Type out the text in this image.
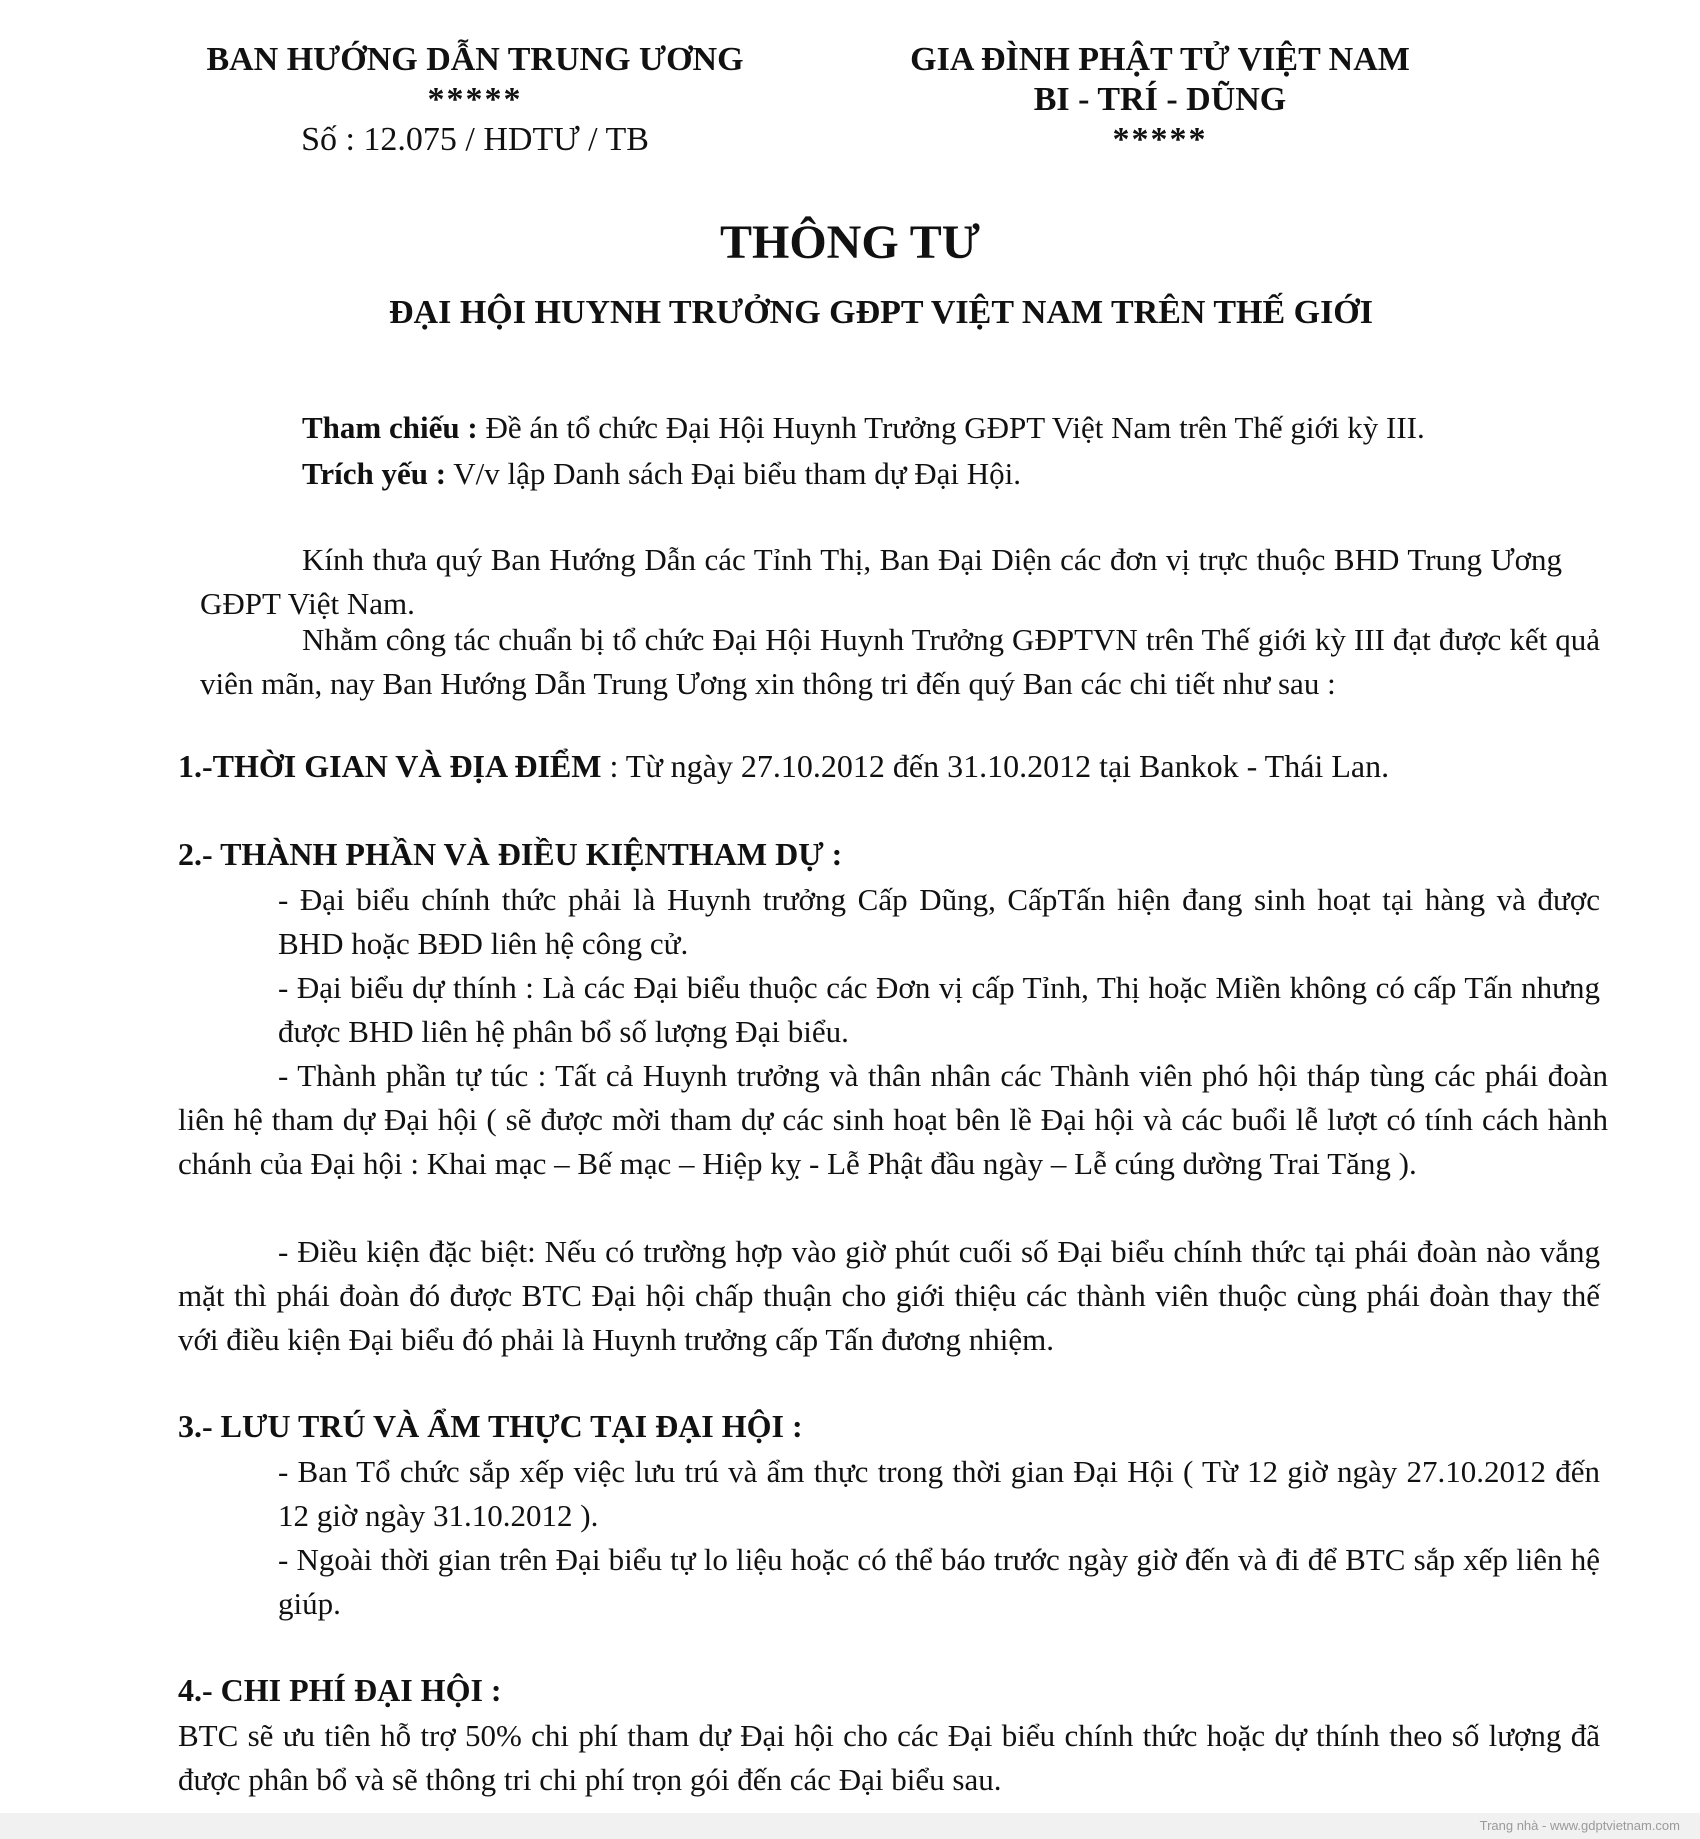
BAN HƯỚNG DẪN TRUNG ƯƠNG
*****
Số : 12.075 / HDTƯ / TB
GIA ĐÌNH PHẬT TỬ VIỆT NAM
BI - TRÍ - DŨNG
*****
THÔNG TƯ
ĐẠI HỘI HUYNH TRƯỞNG GĐPT VIỆT NAM TRÊN THẾ GIỚI
Tham chiếu : Đề án tổ chức Đại Hội Huynh Trưởng GĐPT Việt Nam trên Thế giới kỳ III.
Trích yếu : V/v lập Danh sách Đại biểu tham dự Đại Hội.
Kính thưa quý Ban Hướng Dẫn các Tỉnh Thị, Ban Đại Diện các đơn vị trực thuộc BHD Trung Ương GĐPT Việt Nam.
Nhằm công tác chuẩn bị tổ chức Đại Hội Huynh Trưởng GĐPTVN trên Thế giới kỳ III đạt được kết quả viên mãn, nay Ban Hướng Dẫn Trung Ương xin thông tri đến quý Ban các chi tiết như sau :
1.-THỜI GIAN VÀ ĐỊA ĐIỂM : Từ ngày 27.10.2012 đến 31.10.2012 tại Bankok - Thái Lan.
2.- THÀNH PHẦN VÀ ĐIỀU KIỆNTHAM DỰ :
- Đại biểu chính thức phải là Huynh trưởng Cấp Dũng, CấpTấn hiện đang sinh hoạt tại hàng và được BHD hoặc BĐD liên hệ công cử.
- Đại biểu dự thính : Là các Đại biểu thuộc các Đơn vị cấp Tỉnh, Thị hoặc Miền không có cấp Tấn nhưng được BHD liên hệ phân bổ số lượng Đại biểu.
- Thành phần tự túc : Tất cả Huynh trưởng và thân nhân các Thành viên phó hội tháp tùng các phái đoàn liên hệ tham dự Đại hội ( sẽ được mời tham dự các sinh hoạt bên lề Đại hội và các buổi lễ lượt có tính cách hành chánh của Đại hội : Khai mạc – Bế mạc – Hiệp kỵ - Lễ Phật đầu ngày – Lễ cúng dường Trai Tăng ).
- Điều kiện đặc biệt: Nếu có trường hợp vào giờ phút cuối số Đại biểu chính thức tại phái đoàn nào vắng mặt thì phái đoàn đó được BTC Đại hội chấp thuận cho giới thiệu các thành viên thuộc cùng phái đoàn thay thế với điều kiện Đại biểu đó phải là Huynh trưởng cấp Tấn đương nhiệm.
3.- LƯU TRÚ VÀ ẨM THỰC TẠI ĐẠI HỘI :
- Ban Tổ chức sắp xếp việc lưu trú và ẩm thực trong thời gian Đại Hội ( Từ 12 giờ ngày 27.10.2012 đến 12 giờ ngày 31.10.2012 ).
- Ngoài thời gian trên Đại biểu tự lo liệu hoặc có thể báo trước ngày giờ đến và đi để BTC sắp xếp liên hệ giúp.
4.- CHI PHÍ ĐẠI HỘI :
BTC sẽ ưu tiên hỗ trợ 50% chi phí tham dự Đại hội cho các Đại biểu chính thức hoặc dự thính theo số lượng đã được phân bổ và sẽ thông tri chi phí trọn gói đến các Đại biểu sau.
Trang nhà - www.gdptvietnam.com
